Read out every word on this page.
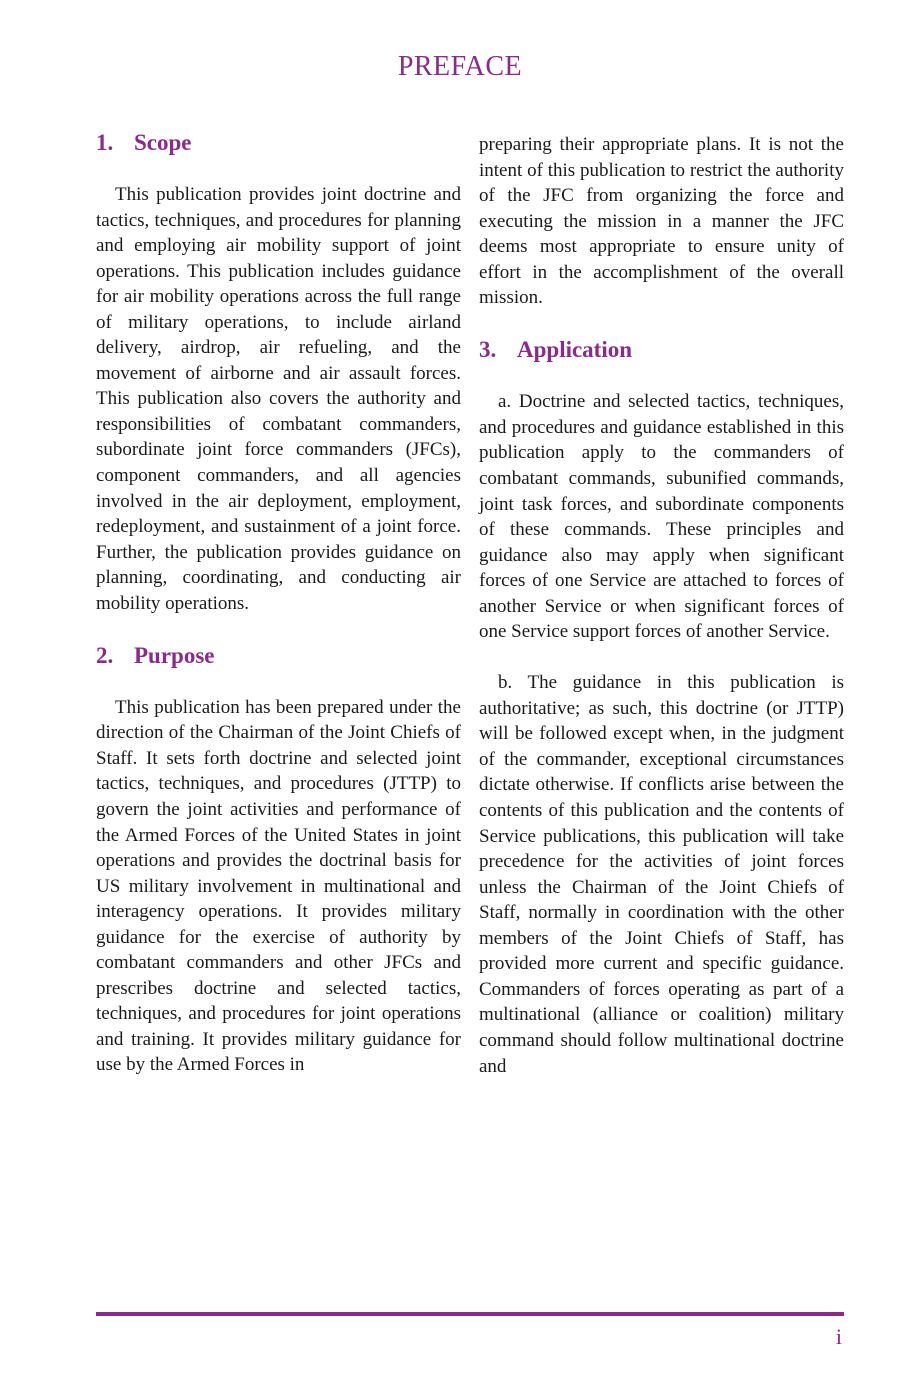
PREFACE
1. Scope

This publication provides joint doctrine and tactics, techniques, and procedures for planning and employing air mobility support of joint operations. This publication includes guidance for air mobility operations across the full range of military operations, to include airland delivery, airdrop, air refueling, and the movement of airborne and air assault forces. This publication also covers the authority and responsibilities of combatant commanders, subordinate joint force commanders (JFCs), component commanders, and all agencies involved in the air deployment, employment, redeployment, and sustainment of a joint force. Further, the publication provides guidance on planning, coordinating, and conducting air mobility operations.

2. Purpose

This publication has been prepared under the direction of the Chairman of the Joint Chiefs of Staff. It sets forth doctrine and selected joint tactics, techniques, and procedures (JTTP) to govern the joint activities and performance of the Armed Forces of the United States in joint operations and provides the doctrinal basis for US military involvement in multinational and interagency operations. It provides military guidance for the exercise of authority by combatant commanders and other JFCs and prescribes doctrine and selected tactics, techniques, and procedures for joint operations and training. It provides military guidance for use by the Armed Forces in

preparing their appropriate plans. It is not the intent of this publication to restrict the authority of the JFC from organizing the force and executing the mission in a manner the JFC deems most appropriate to ensure unity of effort in the accomplishment of the overall mission.

3. Application

a. Doctrine and selected tactics, techniques, and procedures and guidance established in this publication apply to the commanders of combatant commands, subunified commands, joint task forces, and subordinate components of these commands. These principles and guidance also may apply when significant forces of one Service are attached to forces of another Service or when significant forces of one Service support forces of another Service.

b. The guidance in this publication is authoritative; as such, this doctrine (or JTTP) will be followed except when, in the judgment of the commander, exceptional circumstances dictate otherwise. If conflicts arise between the contents of this publication and the contents of Service publications, this publication will take precedence for the activities of joint forces unless the Chairman of the Joint Chiefs of Staff, normally in coordination with the other members of the Joint Chiefs of Staff, has provided more current and specific guidance. Commanders of forces operating as part of a multinational (alliance or coalition) military command should follow multinational doctrine and

i
